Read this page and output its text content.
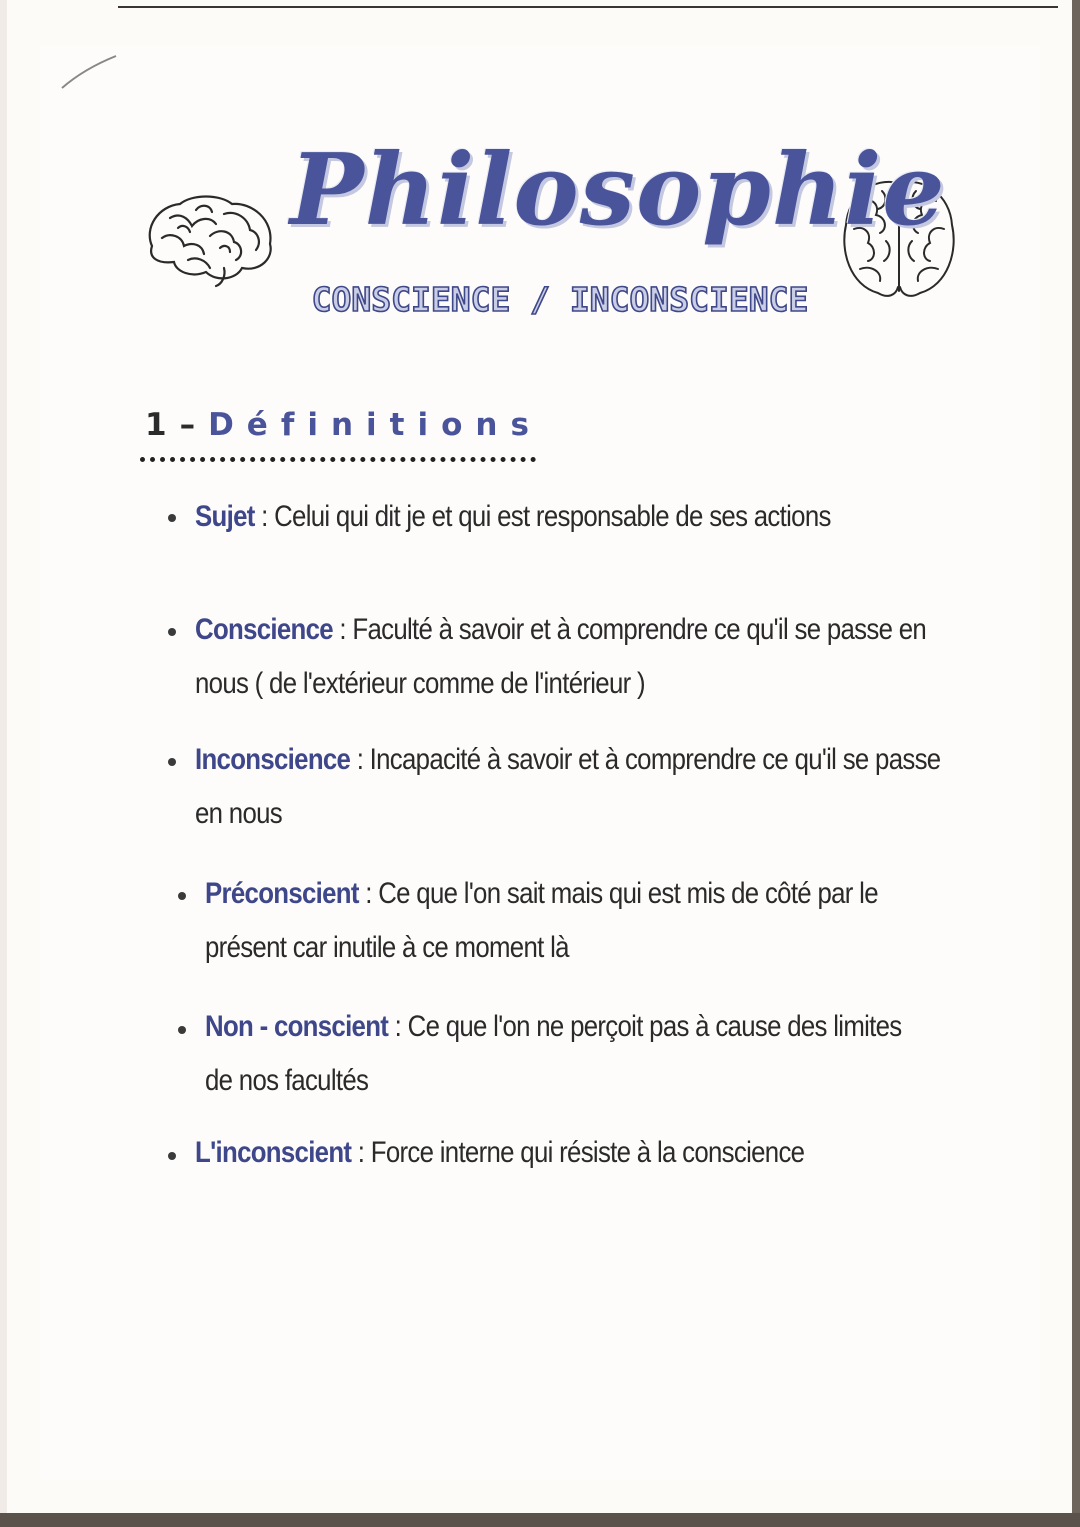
Philosophie
CONSCIENCE / INCONSCIENCE
1–Définitions
Sujet : Celui qui dit je et qui est responsable de ses actions
Conscience : Faculté à savoir et à comprendre ce qu'il se passe en nous ( de l'extérieur comme de l'intérieur )
Inconscience : Incapacité à savoir et à comprendre ce qu'il se passe en nous
Préconscient : Ce que l'on sait mais qui est mis de côté par le présent car inutile à ce moment là
Non - conscient : Ce que l'on ne perçoit pas à cause des limites de nos facultés
L'inconscient : Force interne qui résiste à la conscience
